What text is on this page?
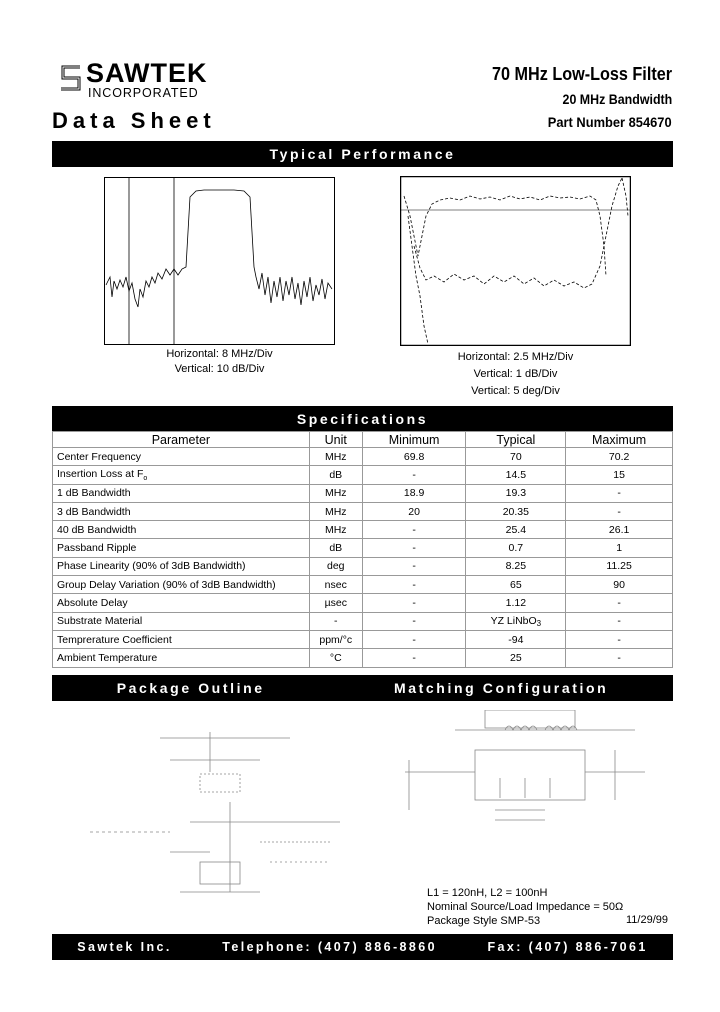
SAWTEK
INCORPORATED
Data Sheet
70 MHz Low-Loss Filter
20 MHz Bandwidth
Part Number 854670
Typical Performance
Horizontal: 8 MHz/Div
Vertical: 10 dB/Div
Horizontal: 2.5 MHz/Div
Vertical: 1 dB/Div
Vertical: 5 deg/Div
Specifications
Parameter	Unit	Minimum	Typical	Maximum
Center Frequency	MHz	69.8	70	70.2
Insertion Loss at $F_o$	dB	-	14.5	15
1 dB Bandwidth	MHz	18.9	19.3	-
3 dB Bandwidth	MHz	20	20.35	-
40 dB Bandwidth	MHz	-	25.4	26.1
Passband Ripple	dB	-	0.7	1
Phase Linearity (90% of 3dB Bandwidth)	deg	-	8.25	11.25
Group Delay Variation (90% of 3dB Bandwidth)	nsec	-	65	90
Absolute Delay	µsec	-	1.12	-
Substrate Material	-	-	YZ LiNbO3	-
Temprerature Coefficient	ppm/°c	-	-94	-
Ambient Temperature	°C	-	25	-
Package Outline	Matching Configuration
L1 = 120nH, L2 = 100nH
Nominal Source/Load Impedance = 50Ω
Package Style SMP-53	11/29/99
Sawtek Inc.	Telephone: (407) 886-8860	Fax: (407) 886-7061
